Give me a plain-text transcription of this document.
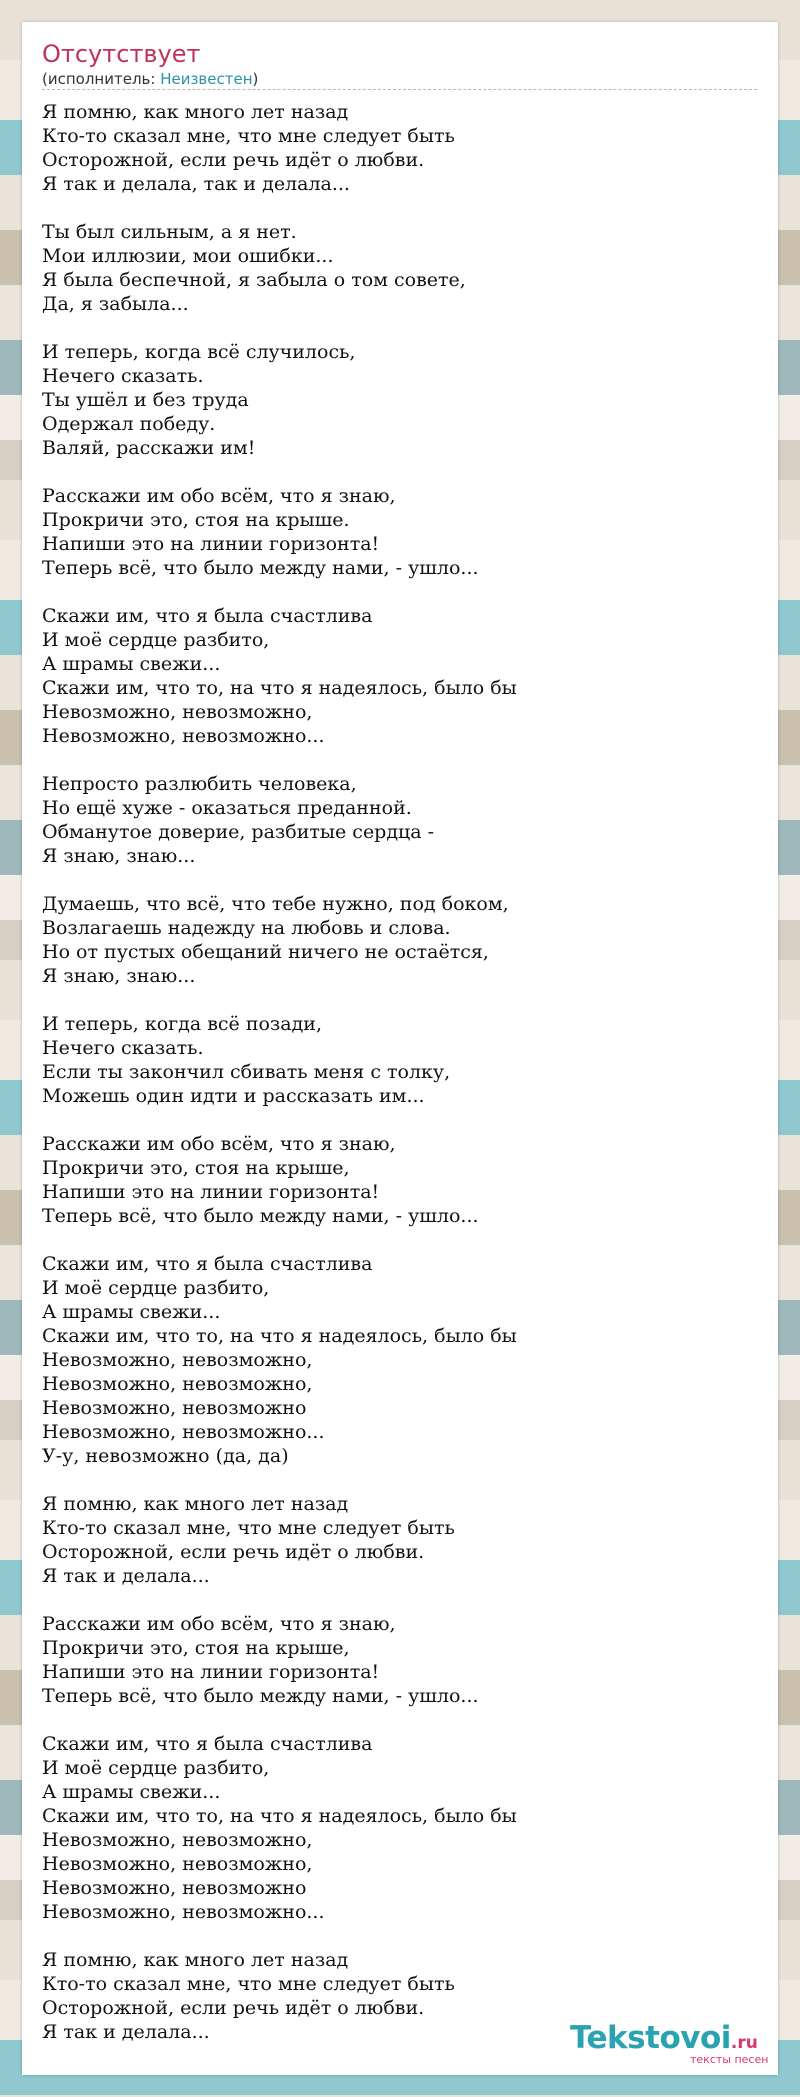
Отсутствует
(исполнитель: Неизвестен)
Я помню, как много лет назад
Кто-то сказал мне, что мне следует быть
Осторожной, если речь идёт о любви.
Я так и делала, так и делала...
Ты был сильным, а я нет.
Мои иллюзии, мои ошибки...
Я была беспечной, я забыла о том совете,
Да, я забыла...
И теперь, когда всё случилось,
Нечего сказать.
Ты ушёл и без труда
Одержал победу.
Валяй, расскажи им!
Расскажи им обо всём, что я знаю,
Прокричи это, стоя на крыше.
Напиши это на линии горизонта!
Теперь всё, что было между нами, - ушло...
Скажи им, что я была счастлива
И моё сердце разбито,
А шрамы свежи...
Скажи им, что то, на что я надеялось, было бы
Невозможно, невозможно,
Невозможно, невозможно...
Непросто разлюбить человека,
Но ещё хуже - оказаться преданной.
Обманутое доверие, разбитые сердца -
Я знаю, знаю...
Думаешь, что всё, что тебе нужно, под боком,
Возлагаешь надежду на любовь и слова.
Но от пустых обещаний ничего не остаётся,
Я знаю, знаю...
И теперь, когда всё позади,
Нечего сказать.
Если ты закончил сбивать меня с толку,
Можешь один идти и рассказать им...
Расскажи им обо всём, что я знаю,
Прокричи это, стоя на крыше,
Напиши это на линии горизонта!
Теперь всё, что было между нами, - ушло...
Скажи им, что я была счастлива
И моё сердце разбито,
А шрамы свежи...
Скажи им, что то, на что я надеялось, было бы
Невозможно, невозможно,
Невозможно, невозможно,
Невозможно, невозможно
Невозможно, невозможно...
У-у, невозможно (да, да)
Я помню, как много лет назад
Кто-то сказал мне, что мне следует быть
Осторожной, если речь идёт о любви.
Я так и делала...
Расскажи им обо всём, что я знаю,
Прокричи это, стоя на крыше,
Напиши это на линии горизонта!
Теперь всё, что было между нами, - ушло...
Скажи им, что я была счастлива
И моё сердце разбито,
А шрамы свежи...
Скажи им, что то, на что я надеялось, было бы
Невозможно, невозможно,
Невозможно, невозможно,
Невозможно, невозможно
Невозможно, невозможно...
Я помню, как много лет назад
Кто-то сказал мне, что мне следует быть
Осторожной, если речь идёт о любви.
Я так и делала...	Tekstovoi.ru
тексты песен
